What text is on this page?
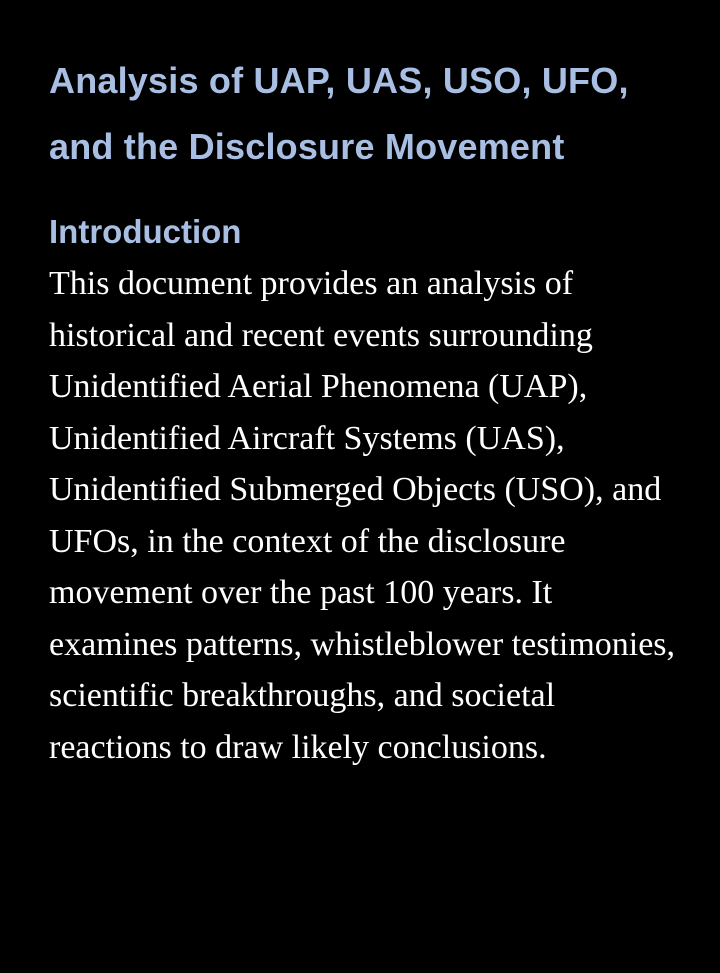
Analysis of UAP, UAS, USO, UFO, and the Disclosure Movement
Introduction

This document provides an analysis of historical and recent events surrounding Unidentified Aerial Phenomena (UAP), Unidentified Aircraft Systems (UAS), Unidentified Submerged Objects (USO), and UFOs, in the context of the disclosure movement over the past 100 years. It examines patterns, whistleblower testimonies, scientific breakthroughs, and societal reactions to draw likely conclusions.
